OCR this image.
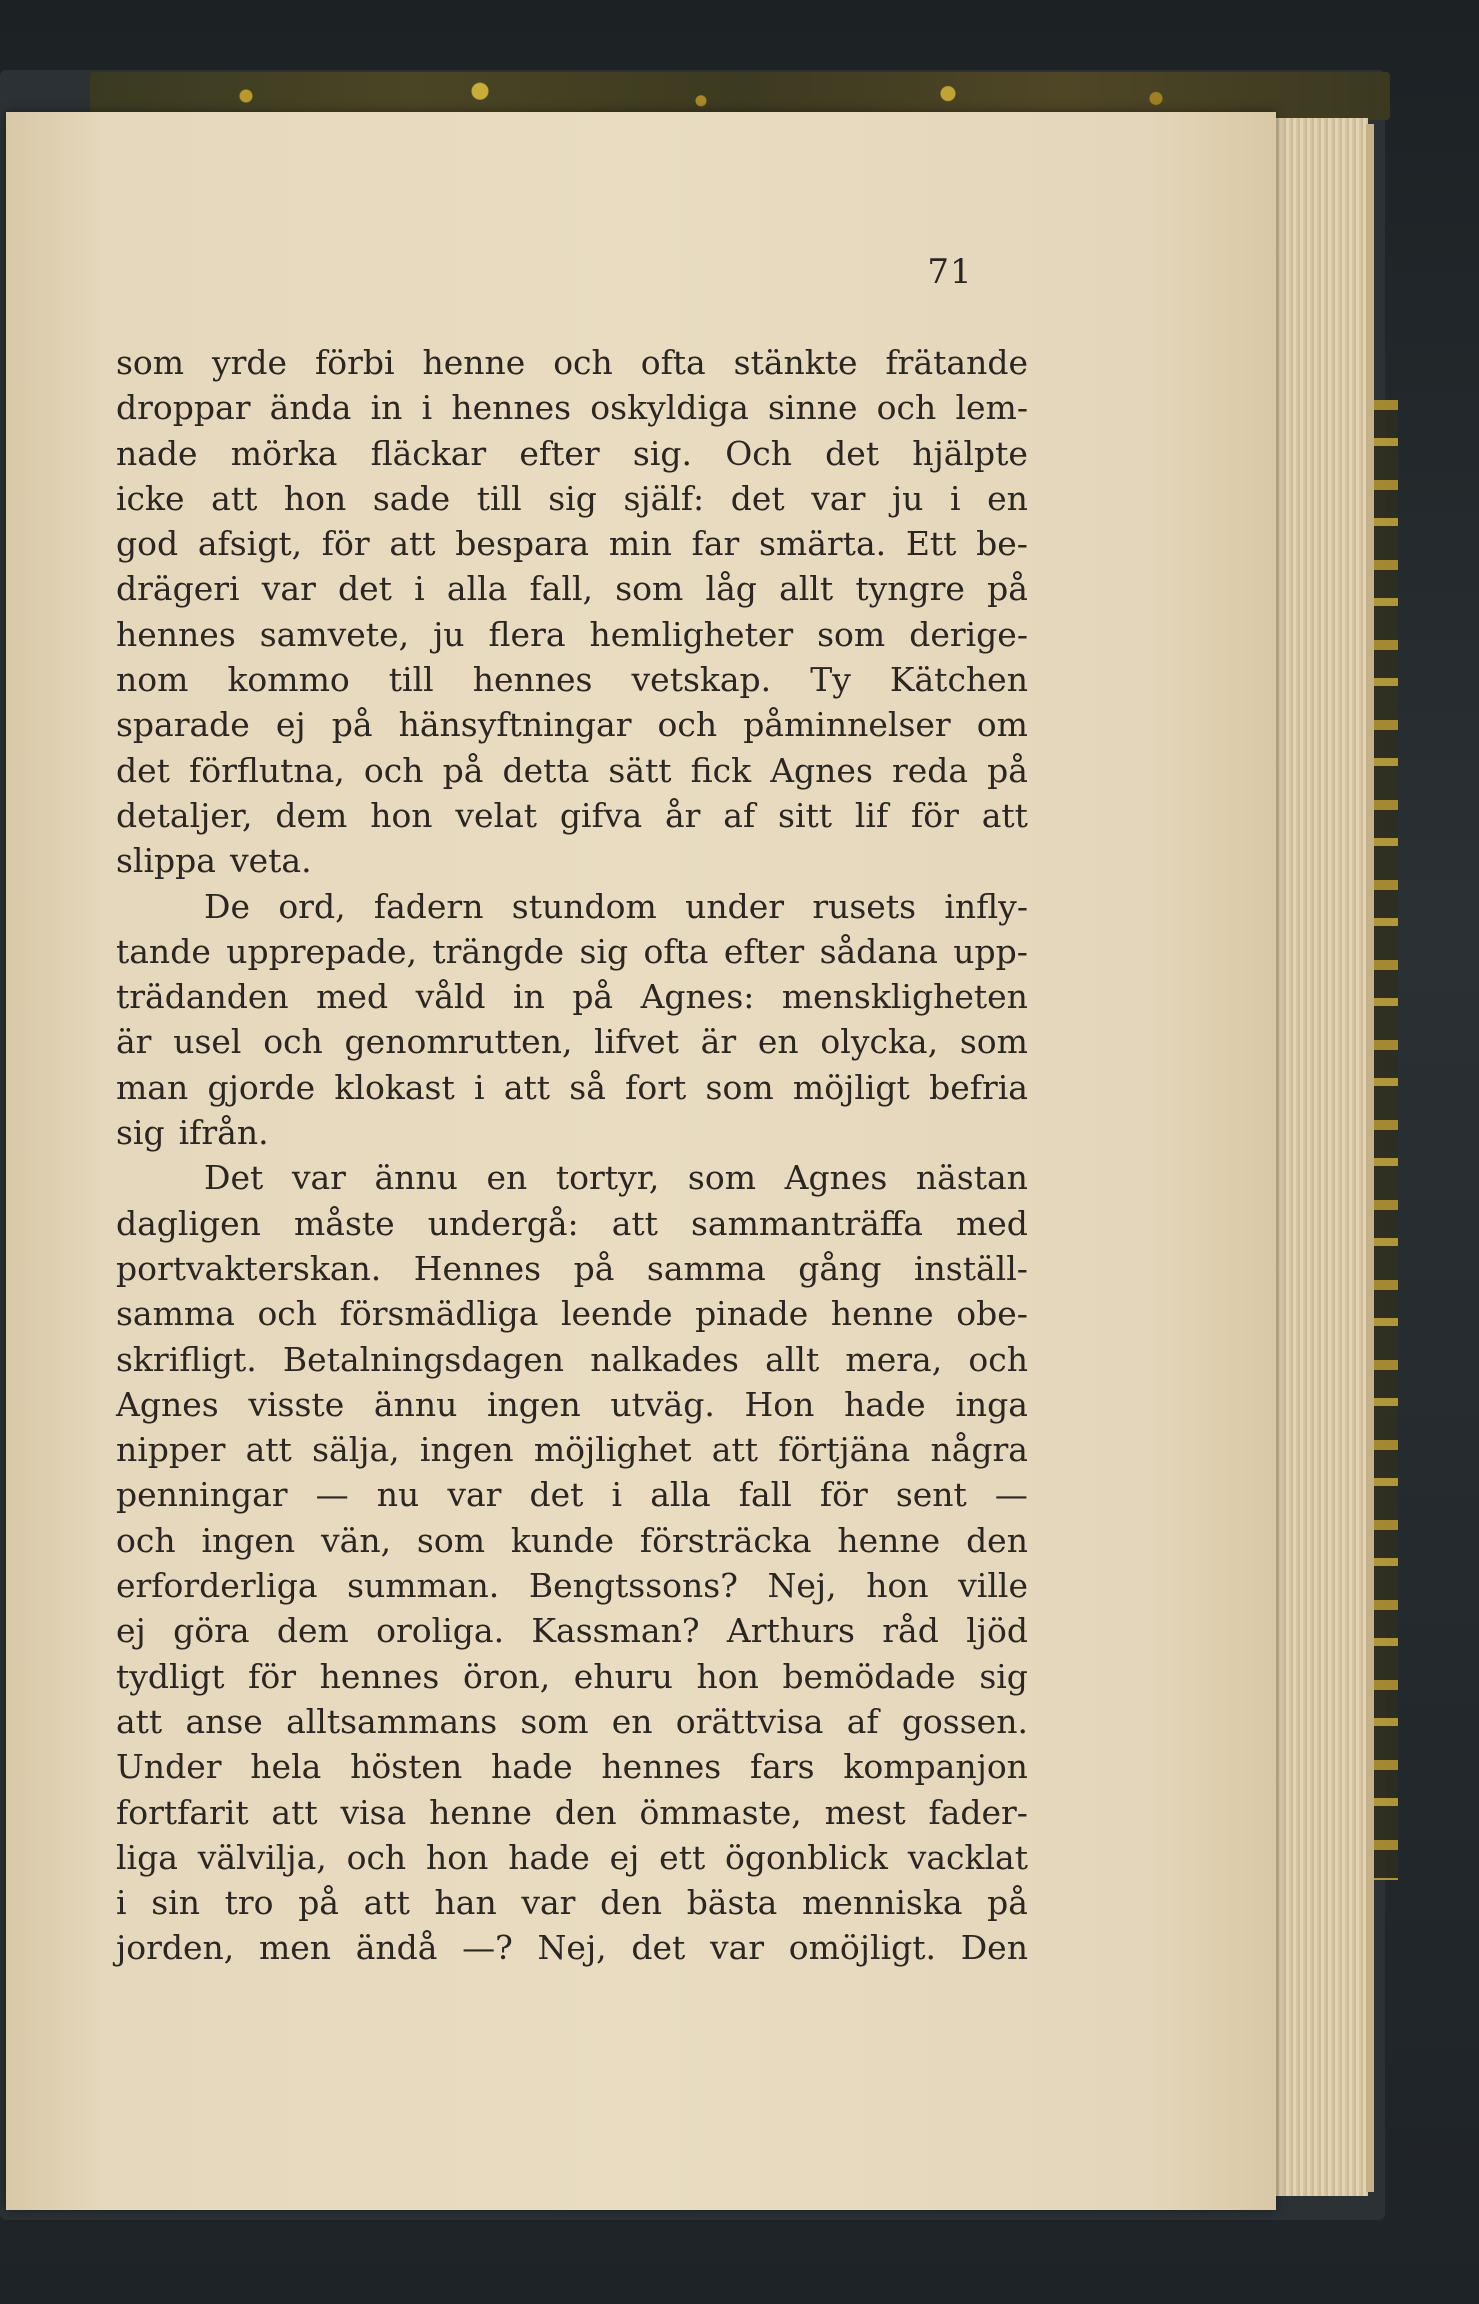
71
som yrde förbi henne och ofta stänkte frätande
droppar ända in i hennes oskyldiga sinne och lem-
nade mörka fläckar efter sig. Och det hjälpte
icke att hon sade till sig själf: det var ju i en
god afsigt, för att bespara min far smärta. Ett be-
drägeri var det i alla fall, som låg allt tyngre på
hennes samvete, ju flera hemligheter som derige-
nom kommo till hennes vetskap. Ty Kätchen
sparade ej på hänsyftningar och påminnelser om
det förflutna, och på detta sätt fick Agnes reda på
detaljer, dem hon velat gifva år af sitt lif för att
slippa veta.
De ord, fadern stundom under rusets infly-
tande upprepade, trängde sig ofta efter sådana upp-
trädanden med våld in på Agnes: menskligheten
är usel och genomrutten, lifvet är en olycka, som
man gjorde klokast i att så fort som möjligt befria
sig ifrån.
Det var ännu en tortyr, som Agnes nästan
dagligen måste undergå: att sammanträffa med
portvakterskan. Hennes på samma gång inställ-
samma och försmädliga leende pinade henne obe-
skrifligt. Betalningsdagen nalkades allt mera, och
Agnes visste ännu ingen utväg. Hon hade inga
nipper att sälja, ingen möjlighet att förtjäna några
penningar — nu var det i alla fall för sent —
och ingen vän, som kunde försträcka henne den
erforderliga summan. Bengtssons? Nej, hon ville
ej göra dem oroliga. Kassman? Arthurs råd ljöd
tydligt för hennes öron, ehuru hon bemödade sig
att anse alltsammans som en orättvisa af gossen.
Under hela hösten hade hennes fars kompanjon
fortfarit att visa henne den ömmaste, mest fader-
liga välvilja, och hon hade ej ett ögonblick vacklat
i sin tro på att han var den bästa menniska på
jorden, men ändå —? Nej, det var omöjligt. Den
